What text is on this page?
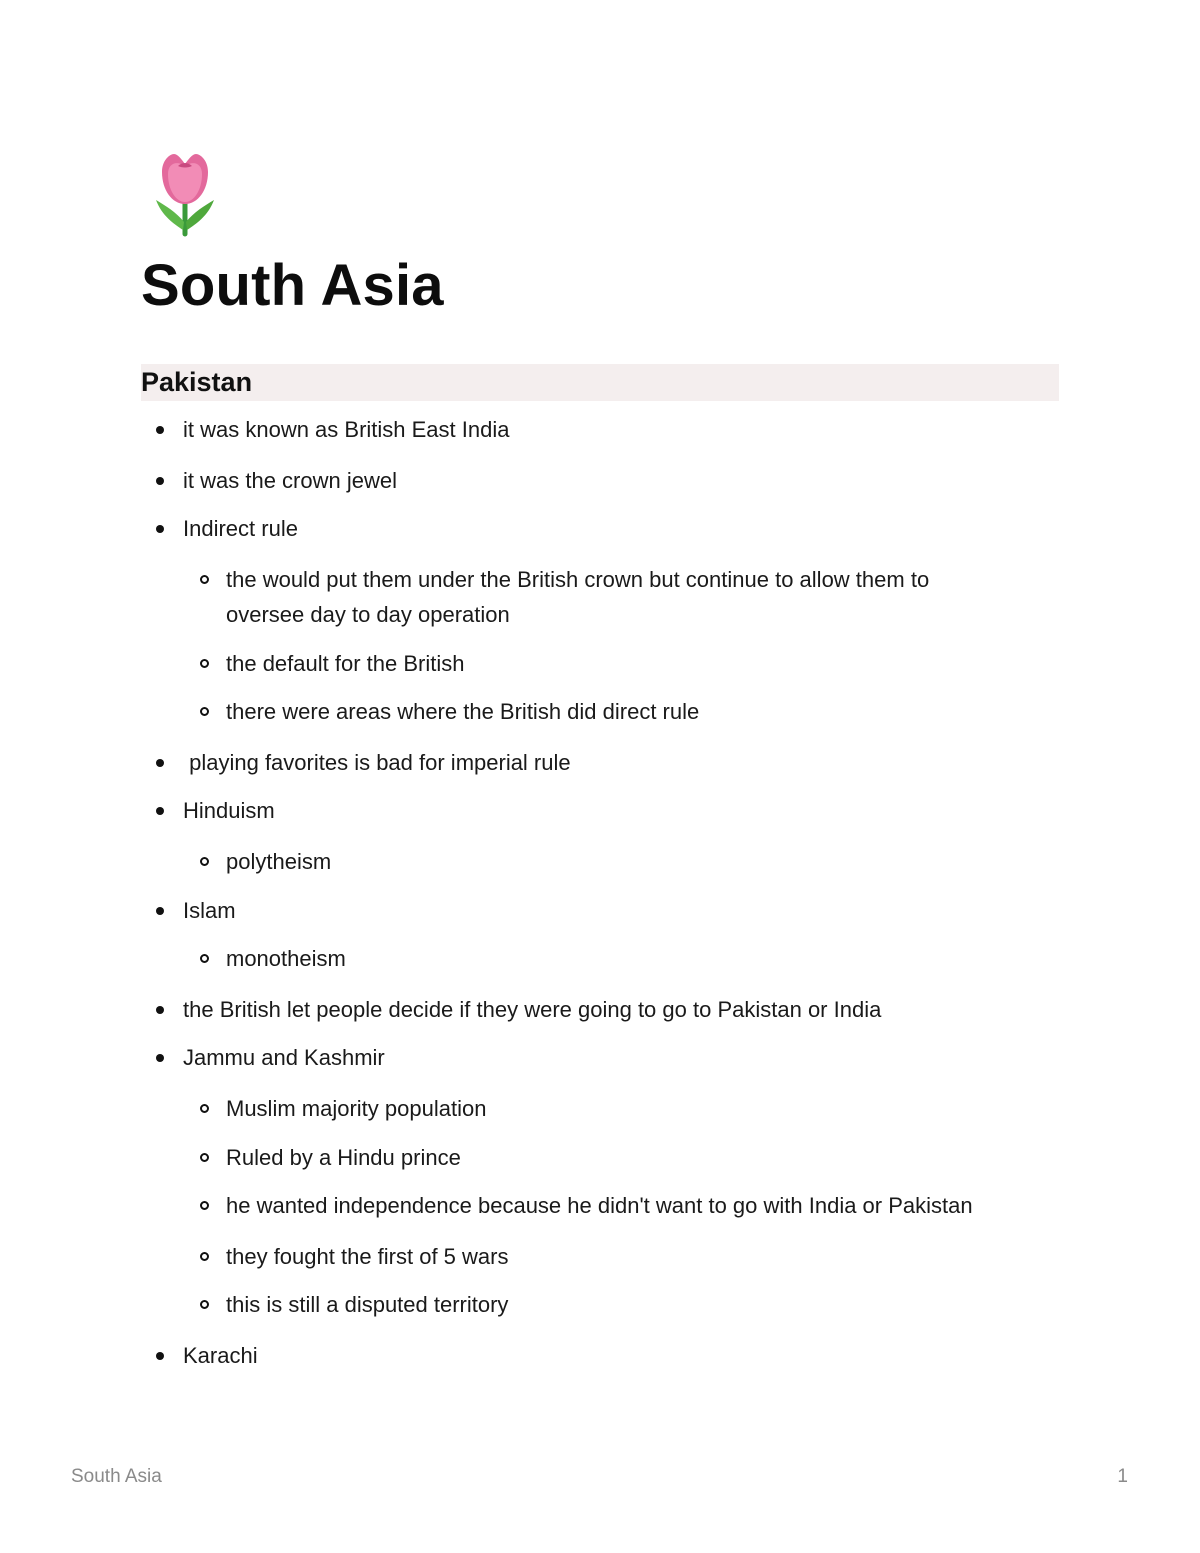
South Asia
Pakistan
it was known as British East India
it was the crown jewel
Indirect rule
the would put them under the British crown but continue to allow them to
oversee day to day operation
the default for the British
there were areas where the British did direct rule
playing favorites is bad for imperial rule
Hinduism
polytheism
Islam
monotheism
the British let people decide if they were going to go to Pakistan or India
Jammu and Kashmir
Muslim majority population
Ruled by a Hindu prince
he wanted independence because he didn't want to go with India or Pakistan
they fought the first of 5 wars
this is still a disputed territory
Karachi
South Asia	1
